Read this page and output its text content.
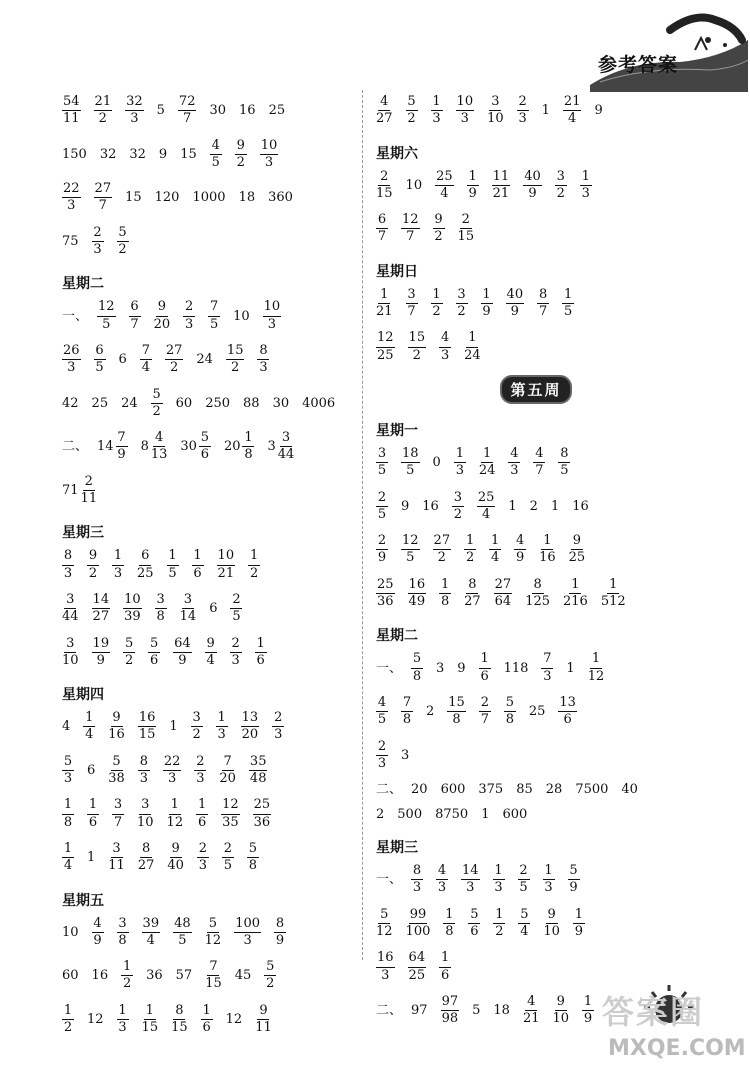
参考答案
$\frac{54}{11} \frac{21}{2} \frac{32}{3} 5 \frac{72}{7} 30$ 16 25
150 32 32 9 $15 \frac{4}{5} \frac{9}{2} \frac{10}{3}$
$\frac{22}{3} \frac{27}{7} 15$ 120 1000 18 360
$75 \frac{2}{3} \frac{5}{2}$
星期二
一、 $\frac{12}{5} \frac{6}{7} \frac{9}{20} \frac{2}{3} \frac{7}{5} 10 \frac{10}{3}$
$\frac{26}{3} \frac{6}{5} 6 \frac{7}{4} \frac{27}{2} 24 \frac{15}{2} \frac{8}{3}$
42 25 $24 \frac{5}{2} 60$ 250 88 30 4006
二、 $14 \frac{7}{9} 8 \frac{4}{13} 30 \frac{5}{6} 20 \frac{1}{8} 3 \frac{3}{44}$
$71 \frac{2}{11}$
星期三
$\frac{8}{3} \frac{9}{2} \frac{1}{3} \frac{6}{25} \frac{1}{5} \frac{1}{6} \frac{10}{21} \frac{1}{2}$
$\frac{3}{44} \frac{14}{27} \frac{10}{39} \frac{3}{8} \frac{3}{14} 6 \frac{2}{5}$
$\frac{3}{10} \frac{19}{9} \frac{5}{2} \frac{5}{6} \frac{64}{9} \frac{9}{4} \frac{2}{3} \frac{1}{6}$
星期四
$4 \frac{1}{4} \frac{9}{16} \frac{16}{15} 1 \frac{3}{2} \frac{1}{3} \frac{13}{20} \frac{2}{3}$
$\frac{5}{3} 6 \frac{5}{38} \frac{8}{3} \frac{22}{3} \frac{2}{3} \frac{7}{20} \frac{35}{48}$
$\frac{1}{8} \frac{1}{6} \frac{3}{7} \frac{3}{10} \frac{1}{12} \frac{1}{6} \frac{12}{35} \frac{25}{36}$
$\frac{1}{4} 1 \frac{3}{11} \frac{8}{27} \frac{9}{40} \frac{2}{3} \frac{2}{5} \frac{5}{8}$
星期五
$10 \frac{4}{9} \frac{3}{8} \frac{39}{4} \frac{48}{5} \frac{5}{12} \frac{100}{3} \frac{8}{9}$
60 $16 \frac{1}{2} 36$ $57 \frac{7}{15} 45 \frac{5}{2}$
$\frac{1}{2} 12 \frac{1}{3} \frac{1}{15} \frac{8}{15} \frac{1}{6} 12 \frac{9}{11}$
$\frac{4}{27} \frac{5}{2} \frac{1}{3} \frac{10}{3} \frac{3}{10} \frac{2}{3} 1 \frac{21}{4} 9$
星期六
$\frac{2}{15} 10 \frac{25}{4} \frac{1}{9} \frac{11}{21} \frac{40}{9} \frac{3}{2} \frac{1}{3}$
$\frac{6}{7} \frac{12}{7} \frac{9}{2} \frac{2}{15}$
星期日
$\frac{1}{21} \frac{3}{7} \frac{1}{2} \frac{3}{2} \frac{1}{9} \frac{40}{9} \frac{8}{7} \frac{1}{5}$
$\frac{12}{25} \frac{15}{2} \frac{4}{3} \frac{1}{24}$
第五周
星期一
$\frac{3}{5} \frac{18}{5} 0 \frac{1}{3} \frac{1}{24} \frac{4}{3} \frac{4}{7} \frac{8}{5}$
$\frac{2}{5} 9$ $16 \frac{3}{2} \frac{25}{4} 1$ 2 1 16
$\frac{2}{9} \frac{12}{5} \frac{27}{2} \frac{1}{2} \frac{1}{4} \frac{4}{9} \frac{1}{16} \frac{9}{25}$
$\frac{25}{36} \frac{16}{49} \frac{1}{8} \frac{8}{27} \frac{27}{64} \frac{8}{125} \frac{1}{216} \frac{1}{512}$
星期二
一、 $\frac{5}{8} 3$ $9 \frac{1}{6} 118 \frac{7}{3} 1 \frac{1}{12}$
$\frac{4}{5} \frac{7}{8} 2 \frac{15}{8} \frac{2}{7} \frac{5}{8} 25 \frac{13}{6}$
$\frac{2}{3} 3$
二、 20 600 375 85 28 7500 40
2 500 8750 1 600
星期三
一、 $\frac{8}{3} \frac{4}{3} \frac{14}{3} \frac{1}{3} \frac{2}{5} \frac{1}{3} \frac{5}{9}$
$\frac{5}{12} \frac{99}{100} \frac{1}{8} \frac{5}{6} \frac{1}{2} \frac{5}{4} \frac{9}{10} \frac{1}{9}$
$\frac{16}{3} \frac{64}{25} \frac{1}{6}$
二、 $97 \frac{97}{98} 5$ $18 \frac{4}{21} \frac{9}{10} \frac{1}{9}$ 答案圈
MXQE.COM
